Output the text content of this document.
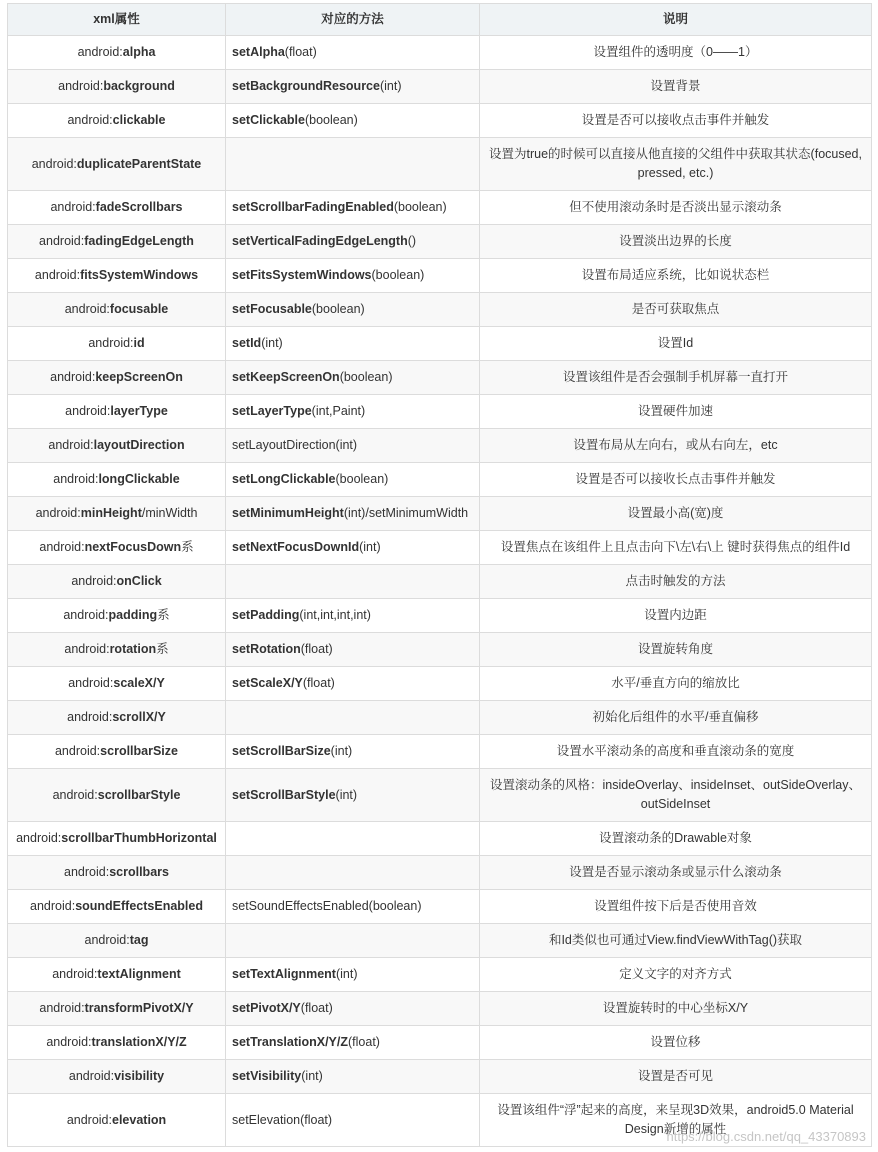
xml属性	对应的方法	说明
android:alpha	setAlpha(float)	设置组件的透明度（0——1）
android:background	setBackgroundResource(int)	设置背景
android:clickable	setClickable(boolean)	设置是否可以接收点击事件并触发
android:duplicateParentState		设置为true的时候可以直接从他直接的父组件中获取其状态(focused, pressed, etc.)
android:fadeScrollbars	setScrollbarFadingEnabled(boolean)	但不使用滚动条时是否淡出显示滚动条
android:fadingEdgeLength	setVerticalFadingEdgeLength()	设置淡出边界的长度
android:fitsSystemWindows	setFitsSystemWindows(boolean)	设置布局适应系统，比如说状态栏
android:focusable	setFocusable(boolean)	是否可获取焦点
android:id	setId(int)	设置Id
android:keepScreenOn	setKeepScreenOn(boolean)	设置该组件是否会强制手机屏幕一直打开
android:layerType	setLayerType(int,Paint)	设置硬件加速
android:layoutDirection	setLayoutDirection(int)	设置布局从左向右，或从右向左，etc
android:longClickable	setLongClickable(boolean)	设置是否可以接收长点击事件并触发
android:minHeight/minWidth	setMinimumHeight(int)/setMinimumWidth	设置最小高(宽)度
android:nextFocusDown系	setNextFocusDownId(int)	设置焦点在该组件上且点击向下\左\右\上 键时获得焦点的组件Id
android:onClick		点击时触发的方法
android:padding系	setPadding(int,int,int,int)	设置内边距
android:rotation系	setRotation(float)	设置旋转角度
android:scaleX/Y	setScaleX/Y(float)	水平/垂直方向的缩放比
android:scrollX/Y		初始化后组件的水平/垂直偏移
android:scrollbarSize	setScrollBarSize(int)	设置水平滚动条的高度和垂直滚动条的宽度
android:scrollbarStyle	setScrollBarStyle(int)	设置滚动条的风格：insideOverlay、insideInset、outSideOverlay、outSideInset
android:scrollbarThumbHorizontal		设置滚动条的Drawable对象
android:scrollbars		设置是否显示滚动条或显示什么滚动条
android:soundEffectsEnabled	setSoundEffectsEnabled(boolean)	设置组件按下后是否使用音效
android:tag		和Id类似也可通过View.findViewWithTag()获取
android:textAlignment	setTextAlignment(int)	定义文字的对齐方式
android:transformPivotX/Y	setPivotX/Y(float)	设置旋转时的中心坐标X/Y
android:translationX/Y/Z	setTranslationX/Y/Z(float)	设置位移
android:visibility	setVisibility(int)	设置是否可见
android:elevation	setElevation(float)	设置该组件“浮”起来的高度，来呈现3D效果，android5.0 Material Design新增的属性
https://blog.csdn.net/qq_43370893
